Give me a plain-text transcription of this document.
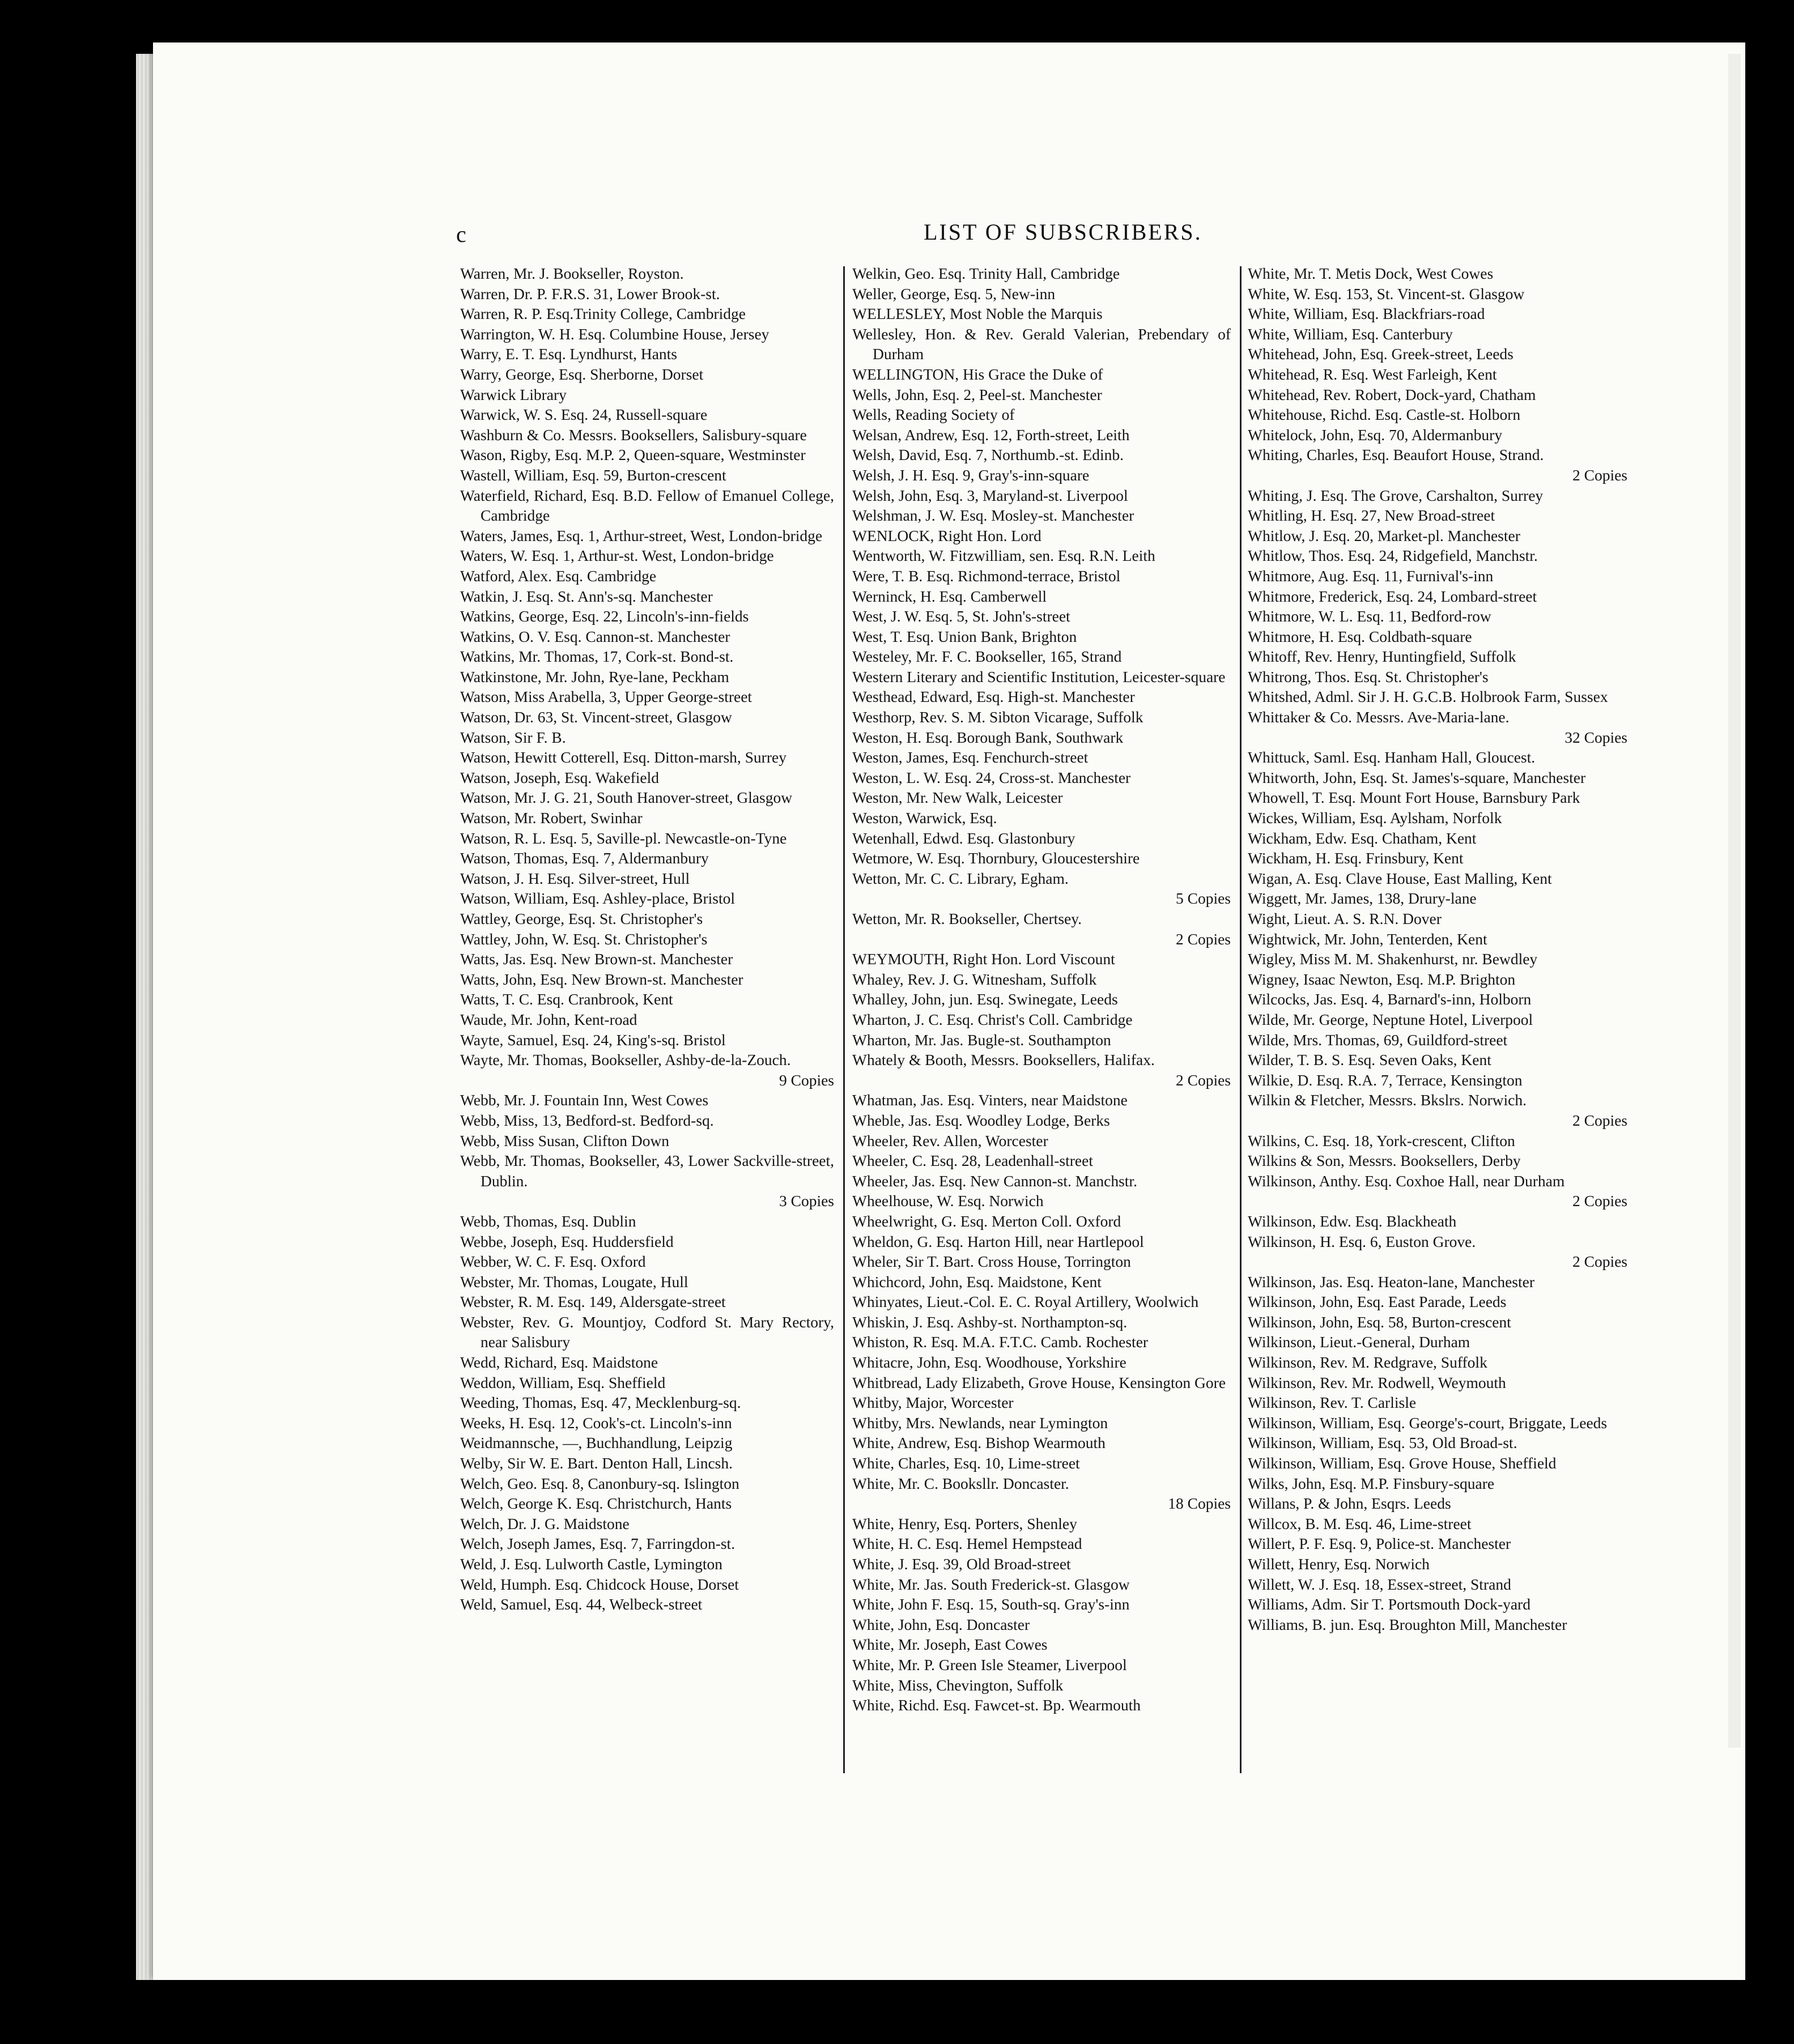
c	LIST OF SUBSCRIBERS.
Warren, Mr. J. Bookseller, Royston.
Warren, Dr. P. F.R.S. 31, Lower Brook-st.
Warren, R. P. Esq.Trinity College, Cambridge
Warrington, W. H. Esq. Columbine House, Jersey
Warry, E. T. Esq. Lyndhurst, Hants
Warry, George, Esq. Sherborne, Dorset
Warwick Library
Warwick, W. S. Esq. 24, Russell-square
Washburn & Co. Messrs. Booksellers, Salisbury-square
Wason, Rigby, Esq. M.P. 2, Queen-square, Westminster
Wastell, William, Esq. 59, Burton-crescent
Waterfield, Richard, Esq. B.D. Fellow of Emanuel College, Cambridge
Waters, James, Esq. 1, Arthur-street, West, London-bridge
Waters, W. Esq. 1, Arthur-st. West, London-bridge
Watford, Alex. Esq. Cambridge
Watkin, J. Esq. St. Ann's-sq. Manchester
Watkins, George, Esq. 22, Lincoln's-inn-fields
Watkins, O. V. Esq. Cannon-st. Manchester
Watkins, Mr. Thomas, 17, Cork-st. Bond-st.
Watkinstone, Mr. John, Rye-lane, Peckham
Watson, Miss Arabella, 3, Upper George-street
Watson, Dr. 63, St. Vincent-street, Glasgow
Watson, Sir F. B.
Watson, Hewitt Cotterell, Esq. Ditton-marsh, Surrey
Watson, Joseph, Esq. Wakefield
Watson, Mr. J. G. 21, South Hanover-street, Glasgow
Watson, Mr. Robert, Swinhar
Watson, R. L. Esq. 5, Saville-pl. Newcastle-on-Tyne
Watson, Thomas, Esq. 7, Aldermanbury
Watson, J. H. Esq. Silver-street, Hull
Watson, William, Esq. Ashley-place, Bristol
Wattley, George, Esq. St. Christopher's
Wattley, John, W. Esq. St. Christopher's
Watts, Jas. Esq. New Brown-st. Manchester
Watts, John, Esq. New Brown-st. Manchester
Watts, T. C. Esq. Cranbrook, Kent
Waude, Mr. John, Kent-road
Wayte, Samuel, Esq. 24, King's-sq. Bristol
Wayte, Mr. Thomas, Bookseller, Ashby-de-la-Zouch.
9 Copies
Webb, Mr. J. Fountain Inn, West Cowes
Webb, Miss, 13, Bedford-st. Bedford-sq.
Webb, Miss Susan, Clifton Down
Webb, Mr. Thomas, Bookseller, 43, Lower Sackville-street, Dublin.
3 Copies
Webb, Thomas, Esq. Dublin
Webbe, Joseph, Esq. Huddersfield
Webber, W. C. F. Esq. Oxford
Webster, Mr. Thomas, Lougate, Hull
Webster, R. M. Esq. 149, Aldersgate-street
Webster, Rev. G. Mountjoy, Codford St. Mary Rectory, near Salisbury
Wedd, Richard, Esq. Maidstone
Weddon, William, Esq. Sheffield
Weeding, Thomas, Esq. 47, Mecklenburg-sq.
Weeks, H. Esq. 12, Cook's-ct. Lincoln's-inn
Weidmannsche, —, Buchhandlung, Leipzig
Welby, Sir W. E. Bart. Denton Hall, Lincsh.
Welch, Geo. Esq. 8, Canonbury-sq. Islington
Welch, George K. Esq. Christchurch, Hants
Welch, Dr. J. G. Maidstone
Welch, Joseph James, Esq. 7, Farringdon-st.
Weld, J. Esq. Lulworth Castle, Lymington
Weld, Humph. Esq. Chidcock House, Dorset
Weld, Samuel, Esq. 44, Welbeck-street
Welkin, Geo. Esq. Trinity Hall, Cambridge
Weller, George, Esq. 5, New-inn
WELLESLEY, Most Noble the Marquis
Wellesley, Hon. & Rev. Gerald Valerian, Prebendary of Durham
WELLINGTON, His Grace the Duke of
Wells, John, Esq. 2, Peel-st. Manchester
Wells, Reading Society of
Welsan, Andrew, Esq. 12, Forth-street, Leith
Welsh, David, Esq. 7, Northumb.-st. Edinb.
Welsh, J. H. Esq. 9, Gray's-inn-square
Welsh, John, Esq. 3, Maryland-st. Liverpool
Welshman, J. W. Esq. Mosley-st. Manchester
WENLOCK, Right Hon. Lord
Wentworth, W. Fitzwilliam, sen. Esq. R.N. Leith
Were, T. B. Esq. Richmond-terrace, Bristol
Werninck, H. Esq. Camberwell
West, J. W. Esq. 5, St. John's-street
West, T. Esq. Union Bank, Brighton
Westeley, Mr. F. C. Bookseller, 165, Strand
Western Literary and Scientific Institution, Leicester-square
Westhead, Edward, Esq. High-st. Manchester
Westhorp, Rev. S. M. Sibton Vicarage, Suffolk
Weston, H. Esq. Borough Bank, Southwark
Weston, James, Esq. Fenchurch-street
Weston, L. W. Esq. 24, Cross-st. Manchester
Weston, Mr. New Walk, Leicester
Weston, Warwick, Esq.
Wetenhall, Edwd. Esq. Glastonbury
Wetmore, W. Esq. Thornbury, Gloucestershire
Wetton, Mr. C. C. Library, Egham.
5 Copies
Wetton, Mr. R. Bookseller, Chertsey.
2 Copies
WEYMOUTH, Right Hon. Lord Viscount
Whaley, Rev. J. G. Witnesham, Suffolk
Whalley, John, jun. Esq. Swinegate, Leeds
Wharton, J. C. Esq. Christ's Coll. Cambridge
Wharton, Mr. Jas. Bugle-st. Southampton
Whately & Booth, Messrs. Booksellers, Halifax.
2 Copies
Whatman, Jas. Esq. Vinters, near Maidstone
Wheble, Jas. Esq. Woodley Lodge, Berks
Wheeler, Rev. Allen, Worcester
Wheeler, C. Esq. 28, Leadenhall-street
Wheeler, Jas. Esq. New Cannon-st. Manchstr.
Wheelhouse, W. Esq. Norwich
Wheelwright, G. Esq. Merton Coll. Oxford
Wheldon, G. Esq. Harton Hill, near Hartlepool
Wheler, Sir T. Bart. Cross House, Torrington
Whichcord, John, Esq. Maidstone, Kent
Whinyates, Lieut.-Col. E. C. Royal Artillery, Woolwich
Whiskin, J. Esq. Ashby-st. Northampton-sq.
Whiston, R. Esq. M.A. F.T.C. Camb. Rochester
Whitacre, John, Esq. Woodhouse, Yorkshire
Whitbread, Lady Elizabeth, Grove House, Kensington Gore
Whitby, Major, Worcester
Whitby, Mrs. Newlands, near Lymington
White, Andrew, Esq. Bishop Wearmouth
White, Charles, Esq. 10, Lime-street
White, Mr. C. Booksllr. Doncaster.
18 Copies
White, Henry, Esq. Porters, Shenley
White, H. C. Esq. Hemel Hempstead
White, J. Esq. 39, Old Broad-street
White, Mr. Jas. South Frederick-st. Glasgow
White, John F. Esq. 15, South-sq. Gray's-inn
White, John, Esq. Doncaster
White, Mr. Joseph, East Cowes
White, Mr. P. Green Isle Steamer, Liverpool
White, Miss, Chevington, Suffolk
White, Richd. Esq. Fawcet-st. Bp. Wearmouth
White, Mr. T. Metis Dock, West Cowes
White, W. Esq. 153, St. Vincent-st. Glasgow
White, William, Esq. Blackfriars-road
White, William, Esq. Canterbury
Whitehead, John, Esq. Greek-street, Leeds
Whitehead, R. Esq. West Farleigh, Kent
Whitehead, Rev. Robert, Dock-yard, Chatham
Whitehouse, Richd. Esq. Castle-st. Holborn
Whitelock, John, Esq. 70, Aldermanbury
Whiting, Charles, Esq. Beaufort House, Strand.
2 Copies
Whiting, J. Esq. The Grove, Carshalton, Surrey
Whitling, H. Esq. 27, New Broad-street
Whitlow, J. Esq. 20, Market-pl. Manchester
Whitlow, Thos. Esq. 24, Ridgefield, Manchstr.
Whitmore, Aug. Esq. 11, Furnival's-inn
Whitmore, Frederick, Esq. 24, Lombard-street
Whitmore, W. L. Esq. 11, Bedford-row
Whitmore, H. Esq. Coldbath-square
Whitoff, Rev. Henry, Huntingfield, Suffolk
Whitrong, Thos. Esq. St. Christopher's
Whitshed, Adml. Sir J. H. G.C.B. Holbrook Farm, Sussex
Whittaker & Co. Messrs. Ave-Maria-lane.
32 Copies
Whittuck, Saml. Esq. Hanham Hall, Gloucest.
Whitworth, John, Esq. St. James's-square, Manchester
Whowell, T. Esq. Mount Fort House, Barnsbury Park
Wickes, William, Esq. Aylsham, Norfolk
Wickham, Edw. Esq. Chatham, Kent
Wickham, H. Esq. Frinsbury, Kent
Wigan, A. Esq. Clave House, East Malling, Kent
Wiggett, Mr. James, 138, Drury-lane
Wight, Lieut. A. S. R.N. Dover
Wightwick, Mr. John, Tenterden, Kent
Wigley, Miss M. M. Shakenhurst, nr. Bewdley
Wigney, Isaac Newton, Esq. M.P. Brighton
Wilcocks, Jas. Esq. 4, Barnard's-inn, Holborn
Wilde, Mr. George, Neptune Hotel, Liverpool
Wilde, Mrs. Thomas, 69, Guildford-street
Wilder, T. B. S. Esq. Seven Oaks, Kent
Wilkie, D. Esq. R.A. 7, Terrace, Kensington
Wilkin & Fletcher, Messrs. Bkslrs. Norwich.
2 Copies
Wilkins, C. Esq. 18, York-crescent, Clifton
Wilkins & Son, Messrs. Booksellers, Derby
Wilkinson, Anthy. Esq. Coxhoe Hall, near Durham
2 Copies
Wilkinson, Edw. Esq. Blackheath
Wilkinson, H. Esq. 6, Euston Grove.
2 Copies
Wilkinson, Jas. Esq. Heaton-lane, Manchester
Wilkinson, John, Esq. East Parade, Leeds
Wilkinson, John, Esq. 58, Burton-crescent
Wilkinson, Lieut.-General, Durham
Wilkinson, Rev. M. Redgrave, Suffolk
Wilkinson, Rev. Mr. Rodwell, Weymouth
Wilkinson, Rev. T. Carlisle
Wilkinson, William, Esq. George's-court, Briggate, Leeds
Wilkinson, William, Esq. 53, Old Broad-st.
Wilkinson, William, Esq. Grove House, Sheffield
Wilks, John, Esq. M.P. Finsbury-square
Willans, P. & John, Esqrs. Leeds
Willcox, B. M. Esq. 46, Lime-street
Willert, P. F. Esq. 9, Police-st. Manchester
Willett, Henry, Esq. Norwich
Willett, W. J. Esq. 18, Essex-street, Strand
Williams, Adm. Sir T. Portsmouth Dock-yard
Williams, B. jun. Esq. Broughton Mill, Manchester
